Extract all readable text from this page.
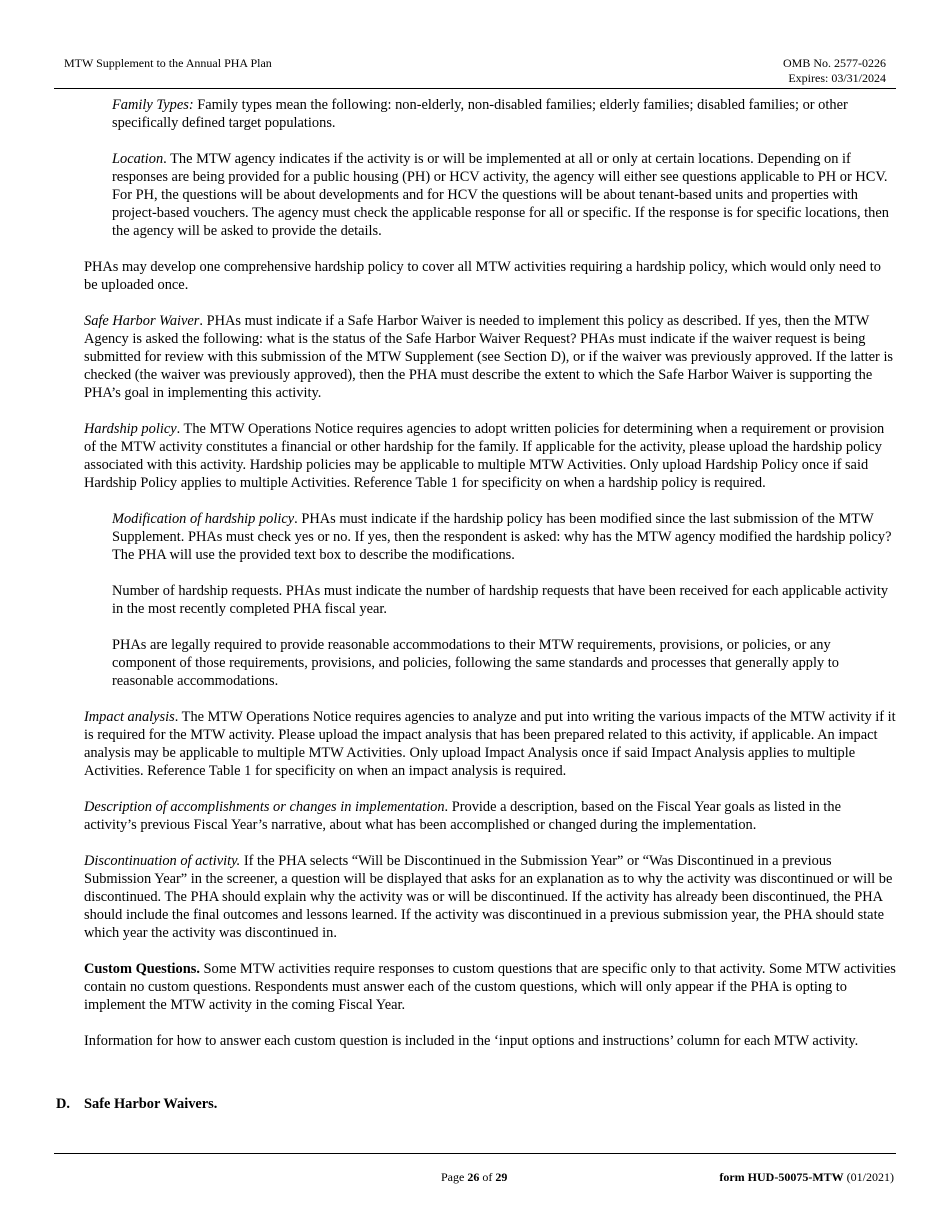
MTW Supplement to the Annual PHA Plan	OMB No. 2577-0226
Expires: 03/31/2024

Family Types: Family types mean the following: non-elderly, non-disabled families; elderly families; disabled families; or other specifically defined target populations.

Location. The MTW agency indicates if the activity is or will be implemented at all or only at certain locations. Depending on if responses are being provided for a public housing (PH) or HCV activity, the agency will either see questions applicable to PH or HCV. For PH, the questions will be about developments and for HCV the questions will be about tenant-based units and properties with project-based vouchers. The agency must check the applicable response for all or specific. If the response is for specific locations, then the agency will be asked to provide the details.

PHAs may develop one comprehensive hardship policy to cover all MTW activities requiring a hardship policy, which would only need to be uploaded once.

Safe Harbor Waiver. PHAs must indicate if a Safe Harbor Waiver is needed to implement this policy as described. If yes, then the MTW Agency is asked the following: what is the status of the Safe Harbor Waiver Request? PHAs must indicate if the waiver request is being submitted for review with this submission of the MTW Supplement (see Section D), or if the waiver was previously approved. If the latter is checked (the waiver was previously approved), then the PHA must describe the extent to which the Safe Harbor Waiver is supporting the PHA’s goal in implementing this activity.

Hardship policy. The MTW Operations Notice requires agencies to adopt written policies for determining when a requirement or provision of the MTW activity constitutes a financial or other hardship for the family. If applicable for the activity, please upload the hardship policy associated with this activity. Hardship policies may be applicable to multiple MTW Activities. Only upload Hardship Policy once if said Hardship Policy applies to multiple Activities. Reference Table 1 for specificity on when a hardship policy is required.

Modification of hardship policy. PHAs must indicate if the hardship policy has been modified since the last submission of the MTW Supplement. PHAs must check yes or no. If yes, then the respondent is asked: why has the MTW agency modified the hardship policy? The PHA will use the provided text box to describe the modifications.

Number of hardship requests. PHAs must indicate the number of hardship requests that have been received for each applicable activity in the most recently completed PHA fiscal year.

PHAs are legally required to provide reasonable accommodations to their MTW requirements, provisions, or policies, or any component of those requirements, provisions, and policies, following the same standards and processes that generally apply to reasonable accommodations.

Impact analysis. The MTW Operations Notice requires agencies to analyze and put into writing the various impacts of the MTW activity if it is required for the MTW activity. Please upload the impact analysis that has been prepared related to this activity, if applicable. An impact analysis may be applicable to multiple MTW Activities. Only upload Impact Analysis once if said Impact Analysis applies to multiple Activities. Reference Table 1 for specificity on when an impact analysis is required.

Description of accomplishments or changes in implementation. Provide a description, based on the Fiscal Year goals as listed in the activity’s previous Fiscal Year’s narrative, about what has been accomplished or changed during the implementation.

Discontinuation of activity. If the PHA selects “Will be Discontinued in the Submission Year” or “Was Discontinued in a previous Submission Year” in the screener, a question will be displayed that asks for an explanation as to why the activity was discontinued or will be discontinued. The PHA should explain why the activity was or will be discontinued. If the activity has already been discontinued, the PHA should include the final outcomes and lessons learned. If the activity was discontinued in a previous submission year, the PHA should state which year the activity was discontinued in.

Custom Questions. Some MTW activities require responses to custom questions that are specific only to that activity. Some MTW activities contain no custom questions. Respondents must answer each of the custom questions, which will only appear if the PHA is opting to implement the MTW activity in the coming Fiscal Year.

Information for how to answer each custom question is included in the ‘input options and instructions’ column for each MTW activity.

D. Safe Harbor Waivers.
Page 26 of 29	form HUD-50075-MTW (01/2021)
